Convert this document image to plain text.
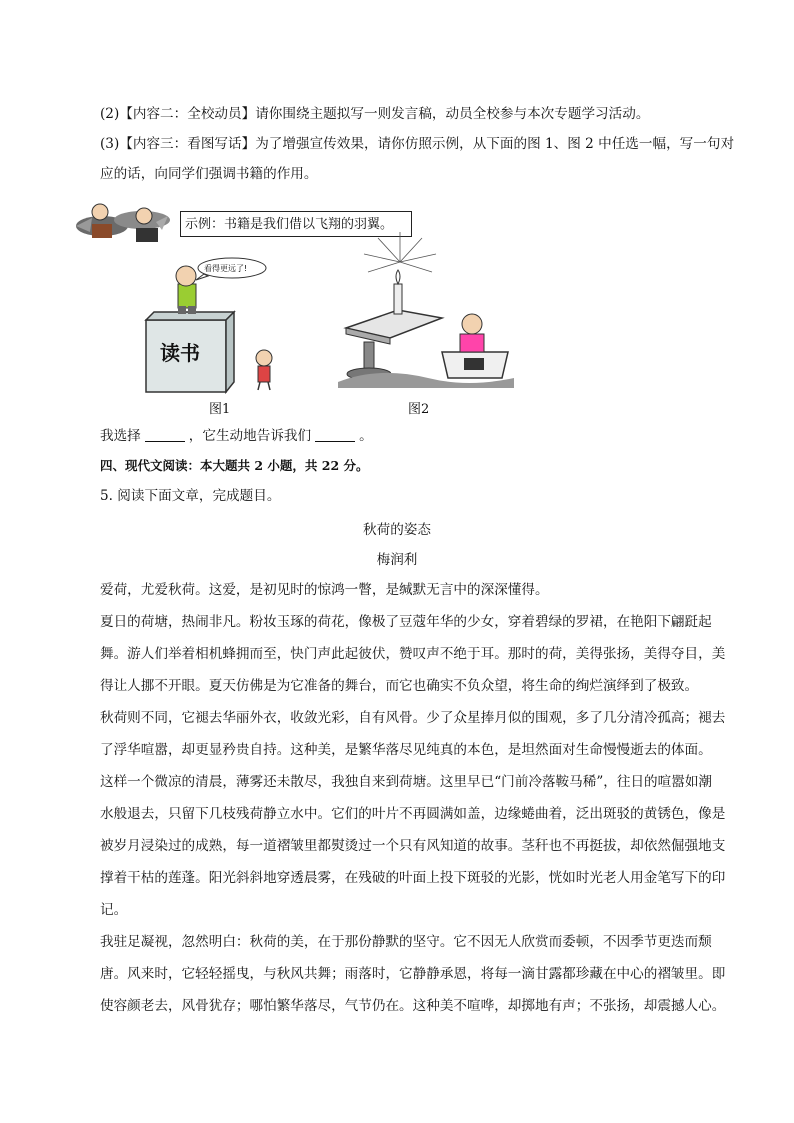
(2)【内容二：全校动员】请你围绕主题拟写一则发言稿，动员全校参与本次专题学习活动。
(3)【内容三：看图写话】为了增强宣传效果，请你仿照示例，从下面的图 1、图 2 中任选一幅，写一句对
应的话，向同学们强调书籍的作用。
示例：书籍是我们借以飞翔的羽翼。
读书
看得更远了!
图1	图2
我选择	，它生动地告诉我们	。
四、现代文阅读：本大题共 2 小题，共 22 分。
5. 阅读下面文章，完成题目。
秋荷的姿态
梅润利
爱荷，尤爱秋荷。这爱，是初见时的惊鸿一瞥，是缄默无言中的深深懂得。
夏日的荷塘，热闹非凡。粉妆玉琢的荷花，像极了豆蔻年华的少女，穿着碧绿的罗裙，在艳阳下翩跹起
舞。游人们举着相机蜂拥而至，快门声此起彼伏，赞叹声不绝于耳。那时的荷，美得张扬，美得夺目，美
得让人挪不开眼。夏天仿佛是为它准备的舞台，而它也确实不负众望，将生命的绚烂演绎到了极致。
秋荷则不同，它褪去华丽外衣，收敛光彩，自有风骨。少了众星捧月似的围观，多了几分清冷孤高；褪去
了浮华喧嚣，却更显矜贵自持。这种美，是繁华落尽见纯真的本色，是坦然面对生命慢慢逝去的体面。
这样一个微凉的清晨，薄雾还未散尽，我独自来到荷塘。这里早已“门前冷落鞍马稀”，往日的喧嚣如潮
水般退去，只留下几枝残荷静立水中。它们的叶片不再圆满如盖，边缘蜷曲着，泛出斑驳的黄锈色，像是
被岁月浸染过的成熟，每一道褶皱里都熨烫过一个只有风知道的故事。茎秆也不再挺拔，却依然倔强地支
撑着干枯的莲蓬。阳光斜斜地穿透晨雾，在残破的叶面上投下斑驳的光影，恍如时光老人用金笔写下的印
记。
我驻足凝视，忽然明白：秋荷的美，在于那份静默的坚守。它不因无人欣赏而委顿，不因季节更迭而颓
唐。风来时，它轻轻摇曳，与秋风共舞；雨落时，它静静承恩，将每一滴甘露都珍藏在中心的褶皱里。即
使容颜老去，风骨犹存；哪怕繁华落尽，气节仍在。这种美不喧哗，却掷地有声；不张扬，却震撼人心。
